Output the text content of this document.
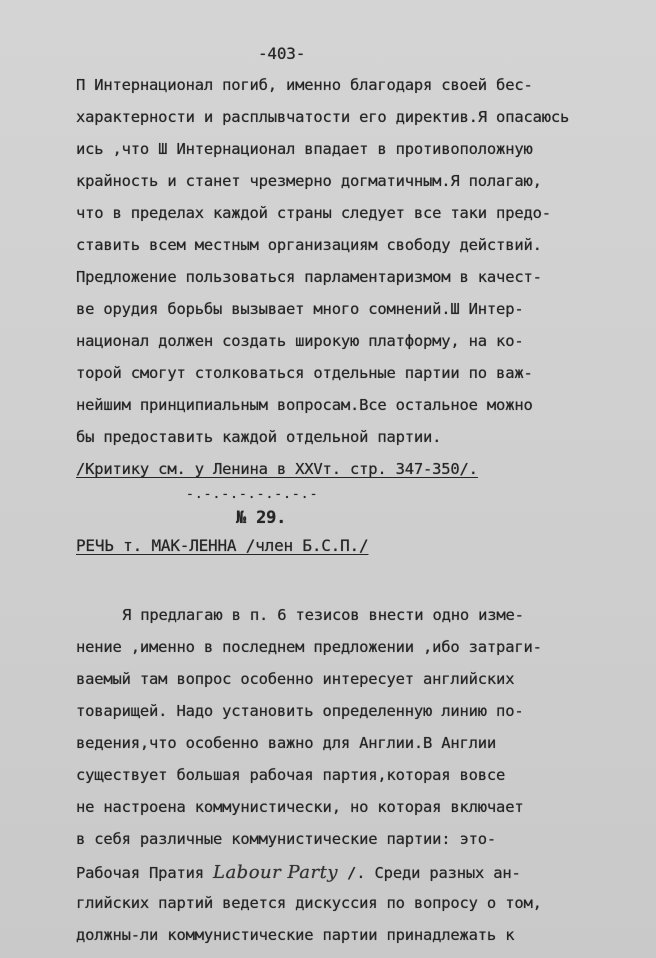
-403-
П Интернационал погиб, именно благодаря своей бес-
характерности и расплывчатости его директив.Я опасаюсь
ись ,что Ш Интернационал впадает в противоположную
крайность и станет чрезмерно догматичным.Я полагаю,
что в пределах каждой страны следует все таки предо-
ставить всем местным организациям свободу действий.
Предложение пользоваться парламентаризмом в качест-
ве орудия борьбы вызывает много сомнений.Ш Интер-
национал должен создать широкую платформу, на ко-
торой смогут столковаться отдельные партии по важ-
нейшим принципиальным вопросам.Все остальное можно
бы предоставить каждой отдельной партии.
/Критику см. у Ленина в XXVт. стр. 347-350/.
-.-.-.-.-.-.-.-
№ 29.
РЕЧЬ т. МАК-ЛЕННА /член Б.С.П./
Я предлагаю в п. 6 тезисов внести одно изме-
нение ,именно в последнем предложении ,ибо затраги-
ваемый там вопрос особенно интересует английских
товарищей. Надо установить определенную линию по-
ведения,что особенно важно для Англии.В Англии
существует большая рабочая партия,которая вовсе
не настроена коммунистически, но которая включает
в себя различные коммунистические партии: это-
Рабочая Пратия Labour Party /. Среди разных ан-
глийских партий ведется дискуссия по вопросу о том,
должны-ли коммунистические партии принадлежать к
